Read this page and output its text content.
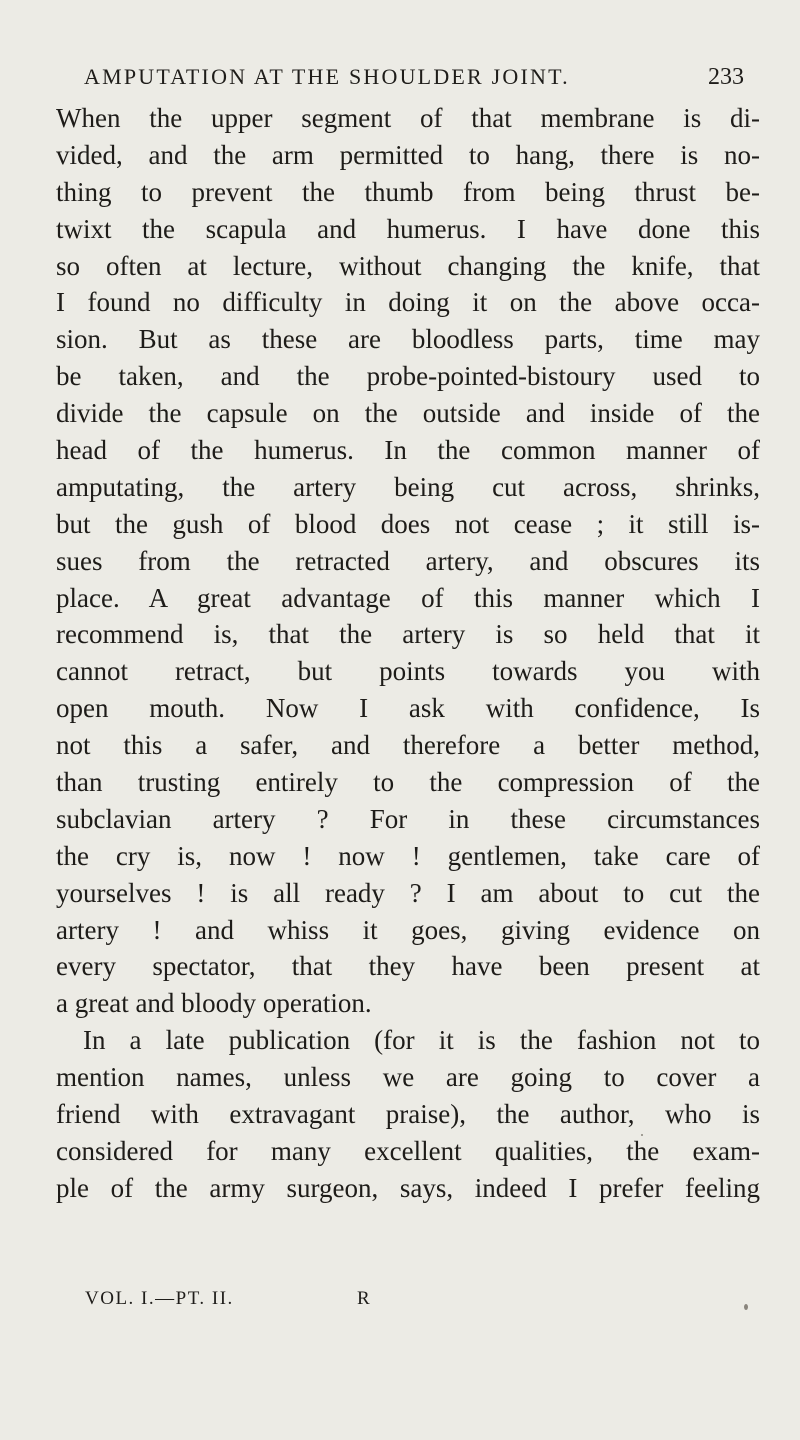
AMPUTATION AT THE SHOULDER JOINT.	233
When the upper segment of that membrane is di-
vided, and the arm permitted to hang, there is no-
thing to prevent the thumb from being thrust be-
twixt the scapula and humerus. I have done this
so often at lecture, without changing the knife, that
I found no difficulty in doing it on the above occa-
sion. But as these are bloodless parts, time may
be taken, and the probe-pointed-bistoury used to
divide the capsule on the outside and inside of the
head of the humerus. In the common manner of
amputating, the artery being cut across, shrinks,
but the gush of blood does not cease ; it still is-
sues from the retracted artery, and obscures its
place. A great advantage of this manner which I
recommend is, that the artery is so held that it
cannot retract, but points towards you with
open mouth. Now I ask with confidence, Is
not this a safer, and therefore a better method,
than trusting entirely to the compression of the
subclavian artery ? For in these circumstances
the cry is, now ! now ! gentlemen, take care of
yourselves ! is all ready ? I am about to cut the
artery ! and whiss it goes, giving evidence on
every spectator, that they have been present at
a great and bloody operation.
In a late publication (for it is the fashion not to
mention names, unless we are going to cover a
friend with extravagant praise), the author, who is
considered for many excellent qualities, the exam-
ple of the army surgeon, says, indeed I prefer feeling
VOL. I.—PT. II.	R
